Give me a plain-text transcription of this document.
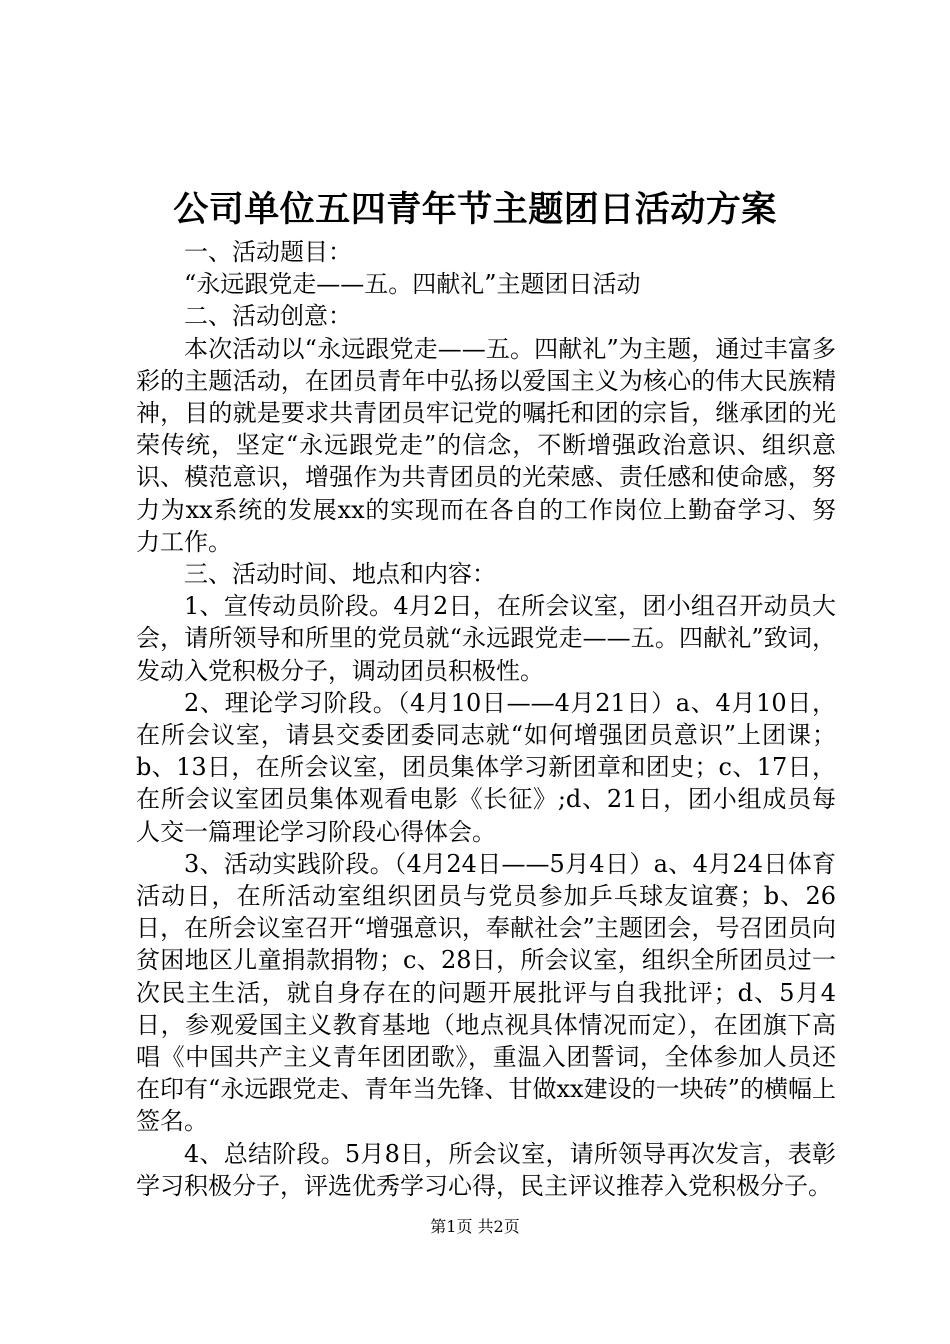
公司单位五四青年节主题团日活动方案

一、活动题目：

“永远跟党走——五。四献礼”主题团日活动

二、活动创意：

本次活动以“永远跟党走——五。四献礼”为主题，通过丰富多彩的主题活动，在团员青年中弘扬以爱国主义为核心的伟大民族精神，目的就是要求共青团员牢记党的嘱托和团的宗旨，继承团的光荣传统，坚定“永远跟党走”的信念，不断增强政治意识、组织意识、模范意识，增强作为共青团员的光荣感、责任感和使命感，努力为xx系统的发展xx的实现而在各自的工作岗位上勤奋学习、努力工作。

三、活动时间、地点和内容：

1、宣传动员阶段。4月2日，在所会议室，团小组召开动员大会，请所领导和所里的党员就“永远跟党走——五。四献礼”致词，发动入党积极分子，调动团员积极性。

2、理论学习阶段。（4月10日——4月21日）a、4月10日，在所会议室，请县交委团委同志就“如何增强团员意识”上团课；b、13日，在所会议室，团员集体学习新团章和团史；c、17日，在所会议室团员集体观看电影《长征》;d、21日，团小组成员每人交一篇理论学习阶段心得体会。

3、活动实践阶段。（4月24日——5月4日）a、4月24日体育活动日，在所活动室组织团员与党员参加乒乓球友谊赛；b、26日，在所会议室召开“增强意识，奉献社会”主题团会，号召团员向贫困地区儿童捐款捐物；c、28日，所会议室，组织全所团员过一次民主生活，就自身存在的问题开展批评与自我批评；d、5月4日，参观爱国主义教育基地（地点视具体情况而定），在团旗下高唱《中国共产主义青年团团歌》，重温入团誓词，全体参加人员还在印有“永远跟党走、青年当先锋、甘做xx建设的一块砖”的横幅上签名。

4、总结阶段。5月8日，所会议室，请所领导再次发言，表彰学习积极分子，评选优秀学习心得，民主评议推荐入党积极分子。

第1页 共2页
